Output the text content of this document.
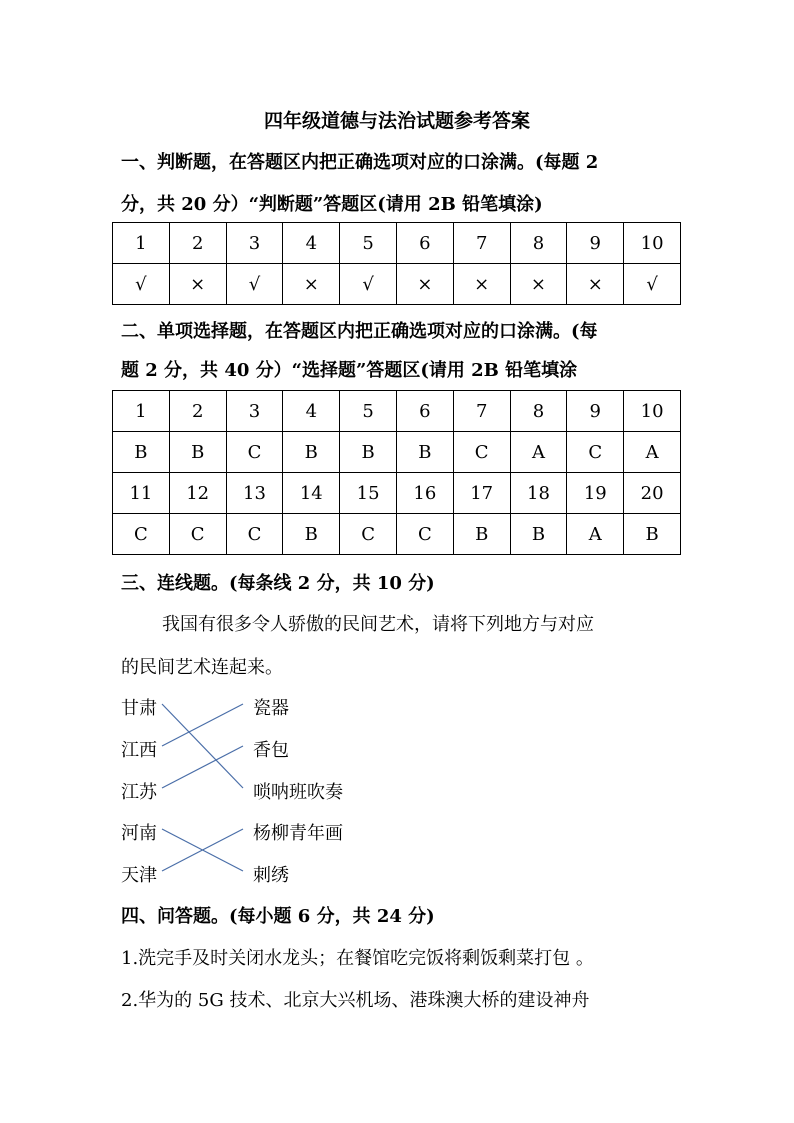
四年级道德与法治试题参考答案
一、判断题，在答题区内把正确选项对应的口涂满。(每题 2
分，共 20 分）“判断题”答题区(请用 2B 铅笔填涂)
1	2	3	4	5	6	7	8	9	10
√	×	√	×	√	×	×	×	×	√
二、单项选择题，在答题区内把正确选项对应的口涂满。(每
题 2 分，共 40 分）“选择题”答题区(请用 2B 铅笔填涂
1	2	3	4	5	6	7	8	9	10
B	B	C	B	B	B	C	A	C	A
11	12	13	14	15	16	17	18	19	20
C	C	C	B	C	C	B	B	A	B
三、连线题。(每条线 2 分，共 10 分)
我国有很多令人骄傲的民间艺术，请将下列地方与对应
的民间艺术连起来。
甘肃
江西
江苏
河南
天津
瓷器
香包
唢呐班吹奏
杨柳青年画
刺绣
四、问答题。(每小题 6 分，共 24 分)
1.洗完手及时关闭水龙头；在餐馆吃完饭将剩饭剩菜打包 。
2.华为的 5G 技术、北京大兴机场、港珠澳大桥的建设神舟
